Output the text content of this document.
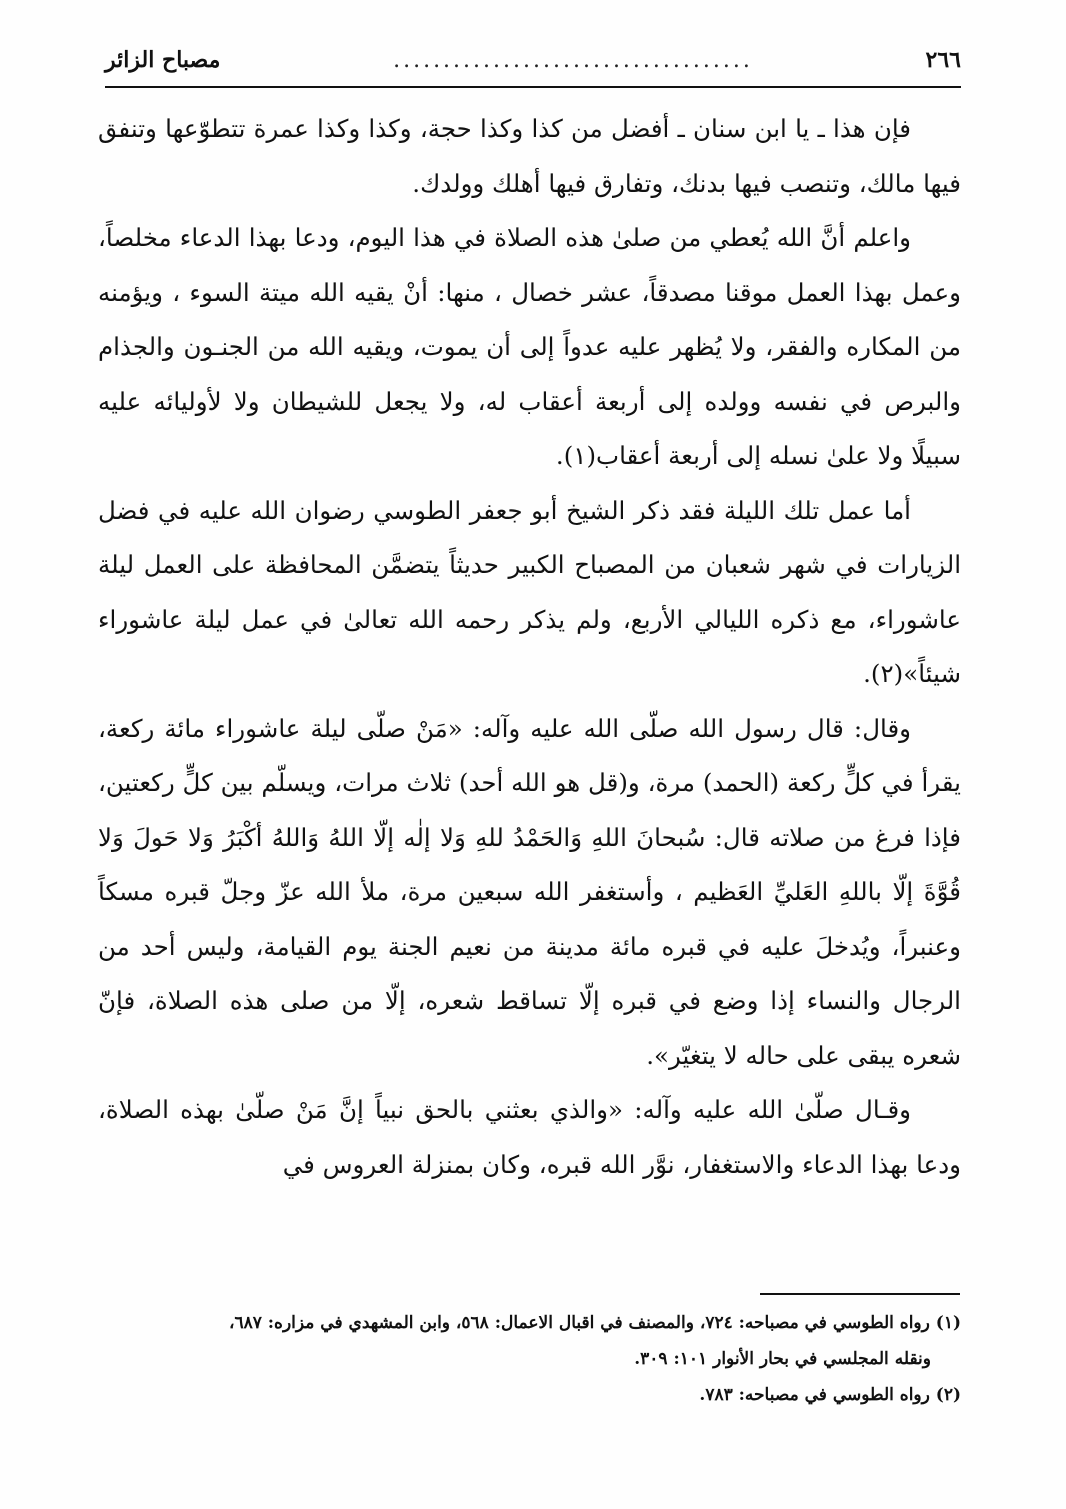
٢٦٦
....................................
مصباح الزائر

فإن هذا ـ يا ابن سنان ـ أفضل من كذا وكذا حجة، وكذا وكذا عمرة تتطوّعها وتنفق فيها مالك، وتنصب فيها بدنك، وتفارق فيها أهلك وولدك.

واعلم أنَّ الله يُعطي من صلىٰ هذه الصلاة في هذا اليوم، ودعا بهذا الدعاء مخلصاً، وعمل بهذا العمل موقنا مصدقاً، عشر خصال ، منها: أنْ يقيه الله ميتة السوء ، ويؤمنه من المكاره والفقر، ولا يُظهر عليه عدواً إلى أن يموت، ويقيه الله من الجنـون والجذام والبرص في نفسه وولده إلى أربعة أعقاب له، ولا يجعل للشيطان ولا لأوليائه عليه سبيلًا ولا علىٰ نسله إلى أربعة أعقاب(١).

أما عمل تلك الليلة فقد ذكر الشيخ أبو جعفر الطوسي رضوان الله عليه في فضل الزيارات في شهر شعبان من المصباح الكبير حديثاً يتضمَّن المحافظة على العمل ليلة عاشوراء، مع ذكره الليالي الأربع، ولم يذكر رحمه الله تعالىٰ في عمل ليلة عاشوراء شيئاً»(٢).

وقال: قال رسول الله صلّى الله عليه وآله: «مَنْ صلّى ليلة عاشوراء مائة ركعة، يقرأ في كلٍّ ركعة (الحمد) مرة، و(قل هو الله أحد) ثلاث مرات، ويسلّم بين كلٍّ ركعتين، فإذا فرغ من صلاته قال: سُبحانَ اللهِ وَالحَمْدُ للهِ وَلا إلٰه إلّا اللهُ وَاللهُ أكْبَرُ وَلا حَولَ وَلا قُوَّةَ إلّا باللهِ العَليِّ العَظيم ، وأستغفر الله سبعين مرة، ملأ الله عزّ وجلّ قبره مسكاً وعنبراً، ويُدخلَ عليه في قبره مائة مدينة من نعيم الجنة يوم القيامة، وليس أحد من الرجال والنساء إذا وضع في قبره إلّا تساقط شعره، إلّا من صلى هذه الصلاة، فإنّ شعره يبقى على حاله لا يتغيّر».

وقـال صلّىٰ الله عليه وآله: «والذي بعثني بالحق نبياً إنَّ مَنْ صلّىٰ بهذه الصلاة، ودعا بهذا الدعاء والاستغفار، نوَّر الله قبره، وكان بمنزلة العروس في

(١) رواه الطوسي في مصباحه: ٧٢٤، والمصنف في اقبال الاعمال: ٥٦٨، وابن المشهدي في مزاره: ٦٨٧،

ونقله المجلسي في بحار الأنوار ١٠١: ٣٠٩.

(٢) رواه الطوسي في مصباحه: ٧٨٣.
